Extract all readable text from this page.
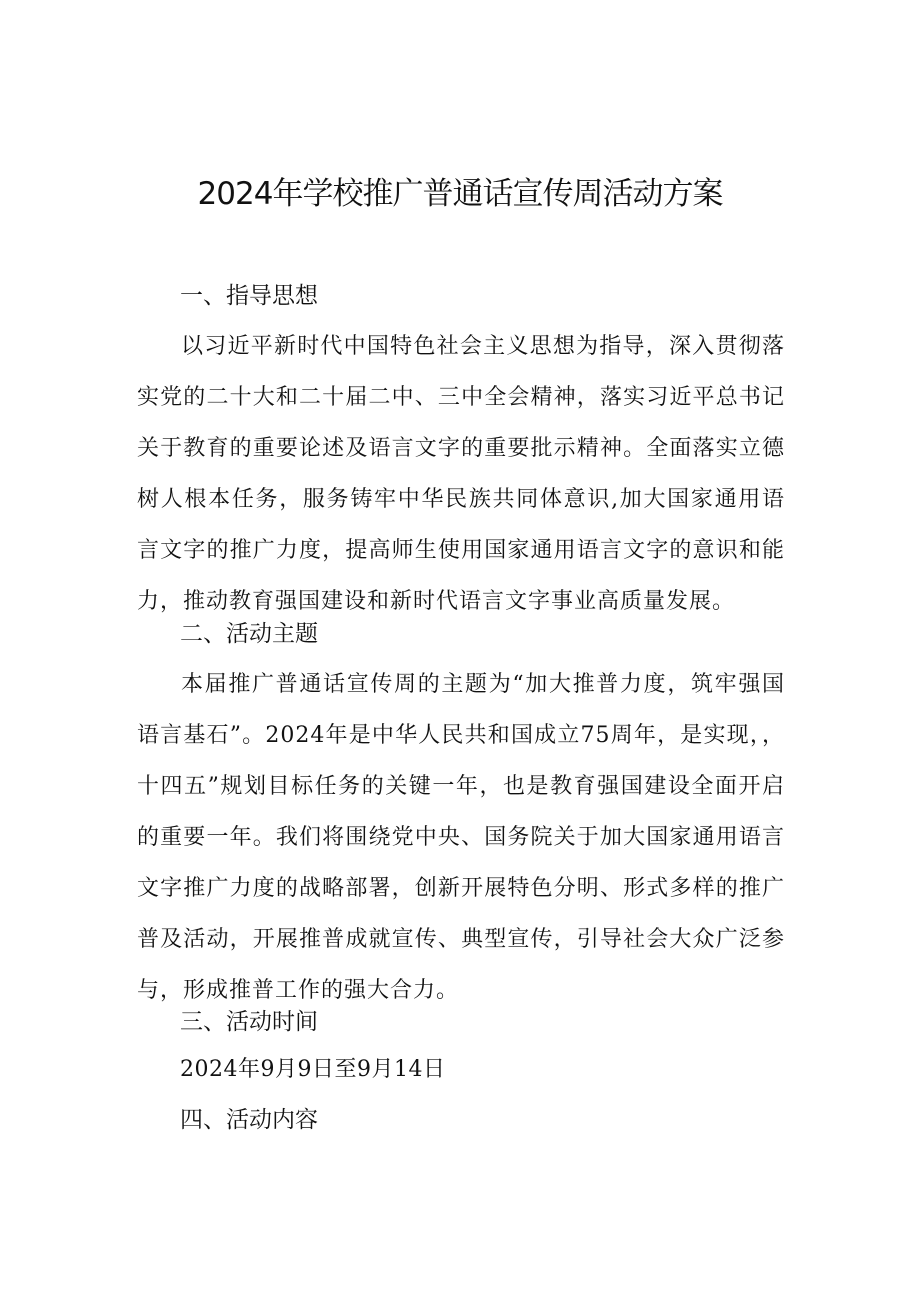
2024年学校推广普通话宣传周活动方案
一、指导思想

以习近平新时代中国特色社会主义思想为指导，深入贯彻落实党的二十大和二十届二中、三中全会精神，落实习近平总书记关于教育的重要论述及语言文字的重要批示精神。全面落实立德树人根本任务，服务铸牢中华民族共同体意识,加大国家通用语言文字的推广力度，提高师生使用国家通用语言文字的意识和能力，推动教育强国建设和新时代语言文字事业高质量发展。

二、活动主题

本届推广普通话宣传周的主题为“加大推普力度，筑牢强国语言基石”。2024年是中华人民共和国成立75周年，是实现，，十四五”规划目标任务的关键一年，也是教育强国建设全面开启的重要一年。我们将围绕党中央、国务院关于加大国家通用语言文字推广力度的战略部署，创新开展特色分明、形式多样的推广普及活动，开展推普成就宣传、典型宣传，引导社会大众广泛参与，形成推普工作的强大合力。

三、活动时间
2024年9月9日至9月14日
四、活动内容
